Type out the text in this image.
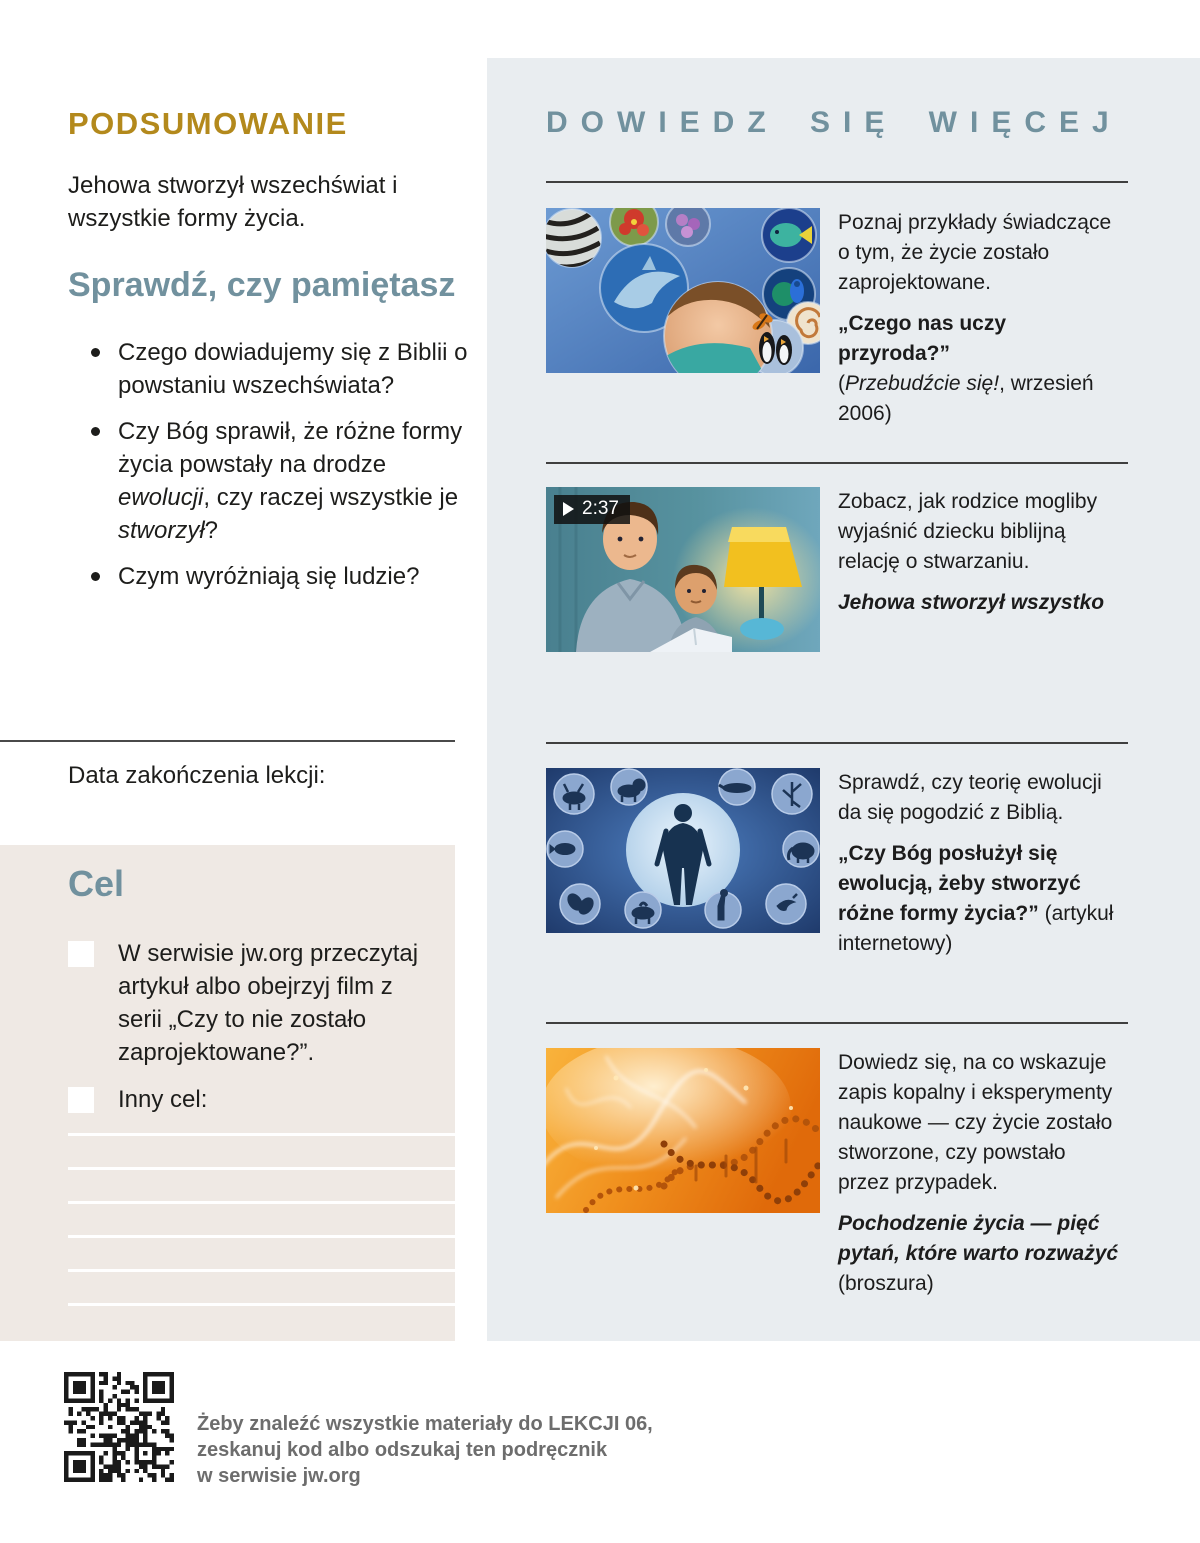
PODSUMOWANIE

Jehowa stworzył wszechświat i wszystkie formy życia.

Sprawdź, czy pamiętasz
Czego dowiadujemy się z Biblii o powstaniu wszechświata?
Czy Bóg sprawił, że różne formy życia powstały na drodze ewolucji, czy raczej wszystkie je stworzył?
Czym wyróżniają się ludzie?

Data zakończenia lekcji:

Cel
W serwisie jw.org przeczytaj artykuł albo obejrzyj film z serii „Czy to nie zostało zaprojektowane?”.
Inny cel:
DOWIEDZ SIĘ WIĘCEJ

Poznaj przykłady świadczące o tym, że życie zostało zaprojektowane.

„Czego nas uczy przyroda?”

(Przebudźcie się!, wrzesień 2006)

2:37	Zobacz, jak rodzice mogliby wyjaśnić dziecku biblijną relację o stwarzaniu.

Jehowa stworzył wszystko

Sprawdź, czy teorię ewolucji da się pogodzić z Biblią.

„Czy Bóg posłużył się ewolucją, żeby stworzyć różne formy życia?” (artykuł internetowy)

Dowiedz się, na co wskazuje zapis kopalny i eksperymenty naukowe — czy życie zostało stworzone, czy powstało przez przypadek.

Pochodzenie życia — pięć pytań, które warto rozważyć

(broszura)

Żeby znaleźć wszystkie materiały do LEKCJI 06,
zeskanuj kod albo odszukaj ten podręcznik
w serwisie jw.org
